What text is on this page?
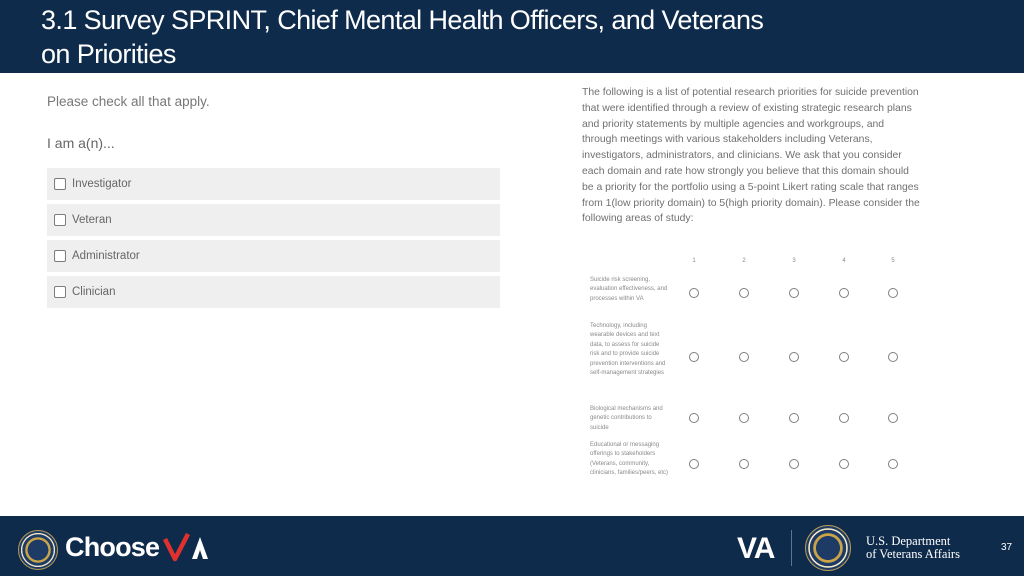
3.1 Survey SPRINT, Chief Mental Health Officers, and Veterans
on Priorities
Please check all that apply.
I am a(n)...
Investigator
Veteran
Administrator
Clinician
The following is a list of potential research priorities for suicide prevention that were identified through a review of existing strategic research plans and priority statements by multiple agencies and workgroups, and through meetings with various stakeholders including Veterans, investigators, administrators, and clinicians. We ask that you consider each domain and rate how strongly you believe that this domain should be a priority for the portfolio using a 5-point Likert rating scale that ranges from 1(low priority domain) to 5(high priority domain). Please consider the following areas of study:
1	2	3	4	5
Suicide risk screening, evaluation effectiveness, and processes within VA
Technology, including wearable devices and text data, to assess for suicide risk and to provide suicide prevention interventions and self-management strategies
Biological mechanisms and genetic contributions to suicide
Educational or messaging offerings to stakeholders (Veterans, community, clinicians, families/peers, etc)
Choose	VA	U.S. Department
of Veterans Affairs	37
